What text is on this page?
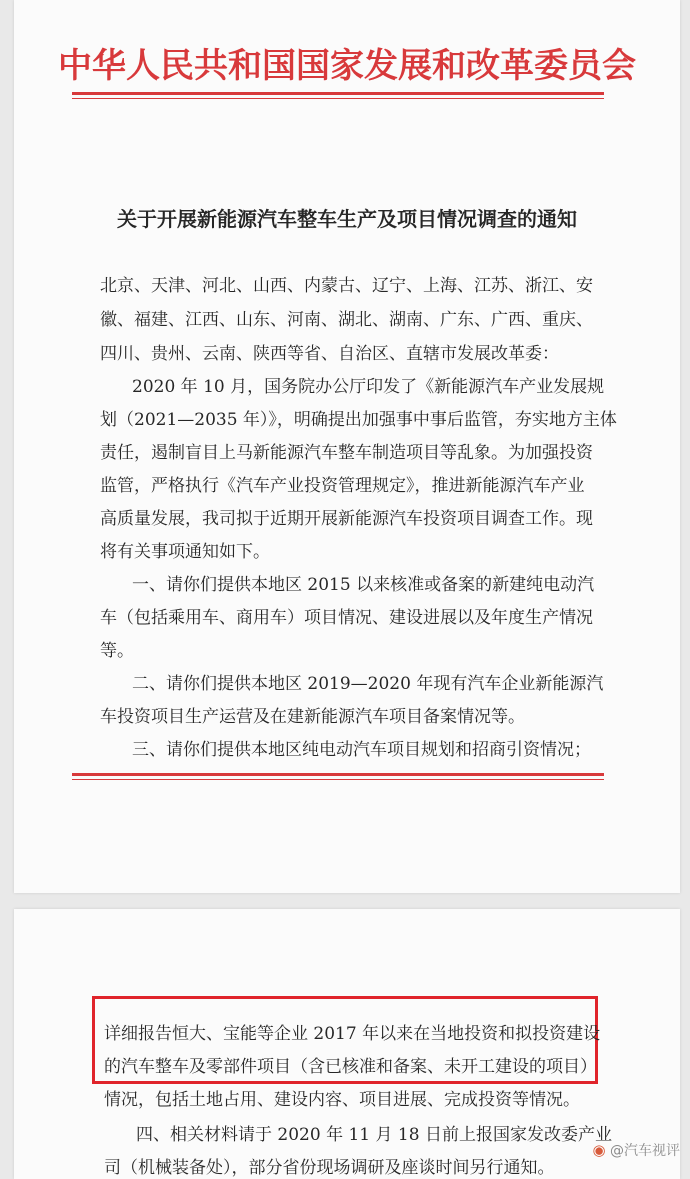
中华人民共和国国家发展和改革委员会
关于开展新能源汽车整车生产及项目情况调查的通知
北京、天津、河北、山西、内蒙古、辽宁、上海、江苏、浙江、安
徽、福建、江西、山东、河南、湖北、湖南、广东、广西、重庆、
四川、贵州、云南、陕西等省、自治区、直辖市发展改革委：
2020 年 10 月，国务院办公厅印发了《新能源汽车产业发展规
划（2021—2035 年）》，明确提出加强事中事后监管，夯实地方主体
责任，遏制盲目上马新能源汽车整车制造项目等乱象。为加强投资
监管，严格执行《汽车产业投资管理规定》，推进新能源汽车产业
高质量发展，我司拟于近期开展新能源汽车投资项目调查工作。现
将有关事项通知如下。
一、请你们提供本地区 2015 以来核准或备案的新建纯电动汽
车（包括乘用车、商用车）项目情况、建设进展以及年度生产情况
等。
二、请你们提供本地区 2019—2020 年现有汽车企业新能源汽
车投资项目生产运营及在建新能源汽车项目备案情况等。
三、请你们提供本地区纯电动汽车项目规划和招商引资情况；
详细报告恒大、宝能等企业 2017 年以来在当地投资和拟投资建设
的汽车整车及零部件项目（含已核准和备案、未开工建设的项目）
情况，包括土地占用、建设内容、项目进展、完成投资等情况。
四、相关材料请于 2020 年 11 月 18 日前上报国家发改委产业
司（机械装备处），部分省份现场调研及座谈时间另行通知。
◉ @汽车视评
